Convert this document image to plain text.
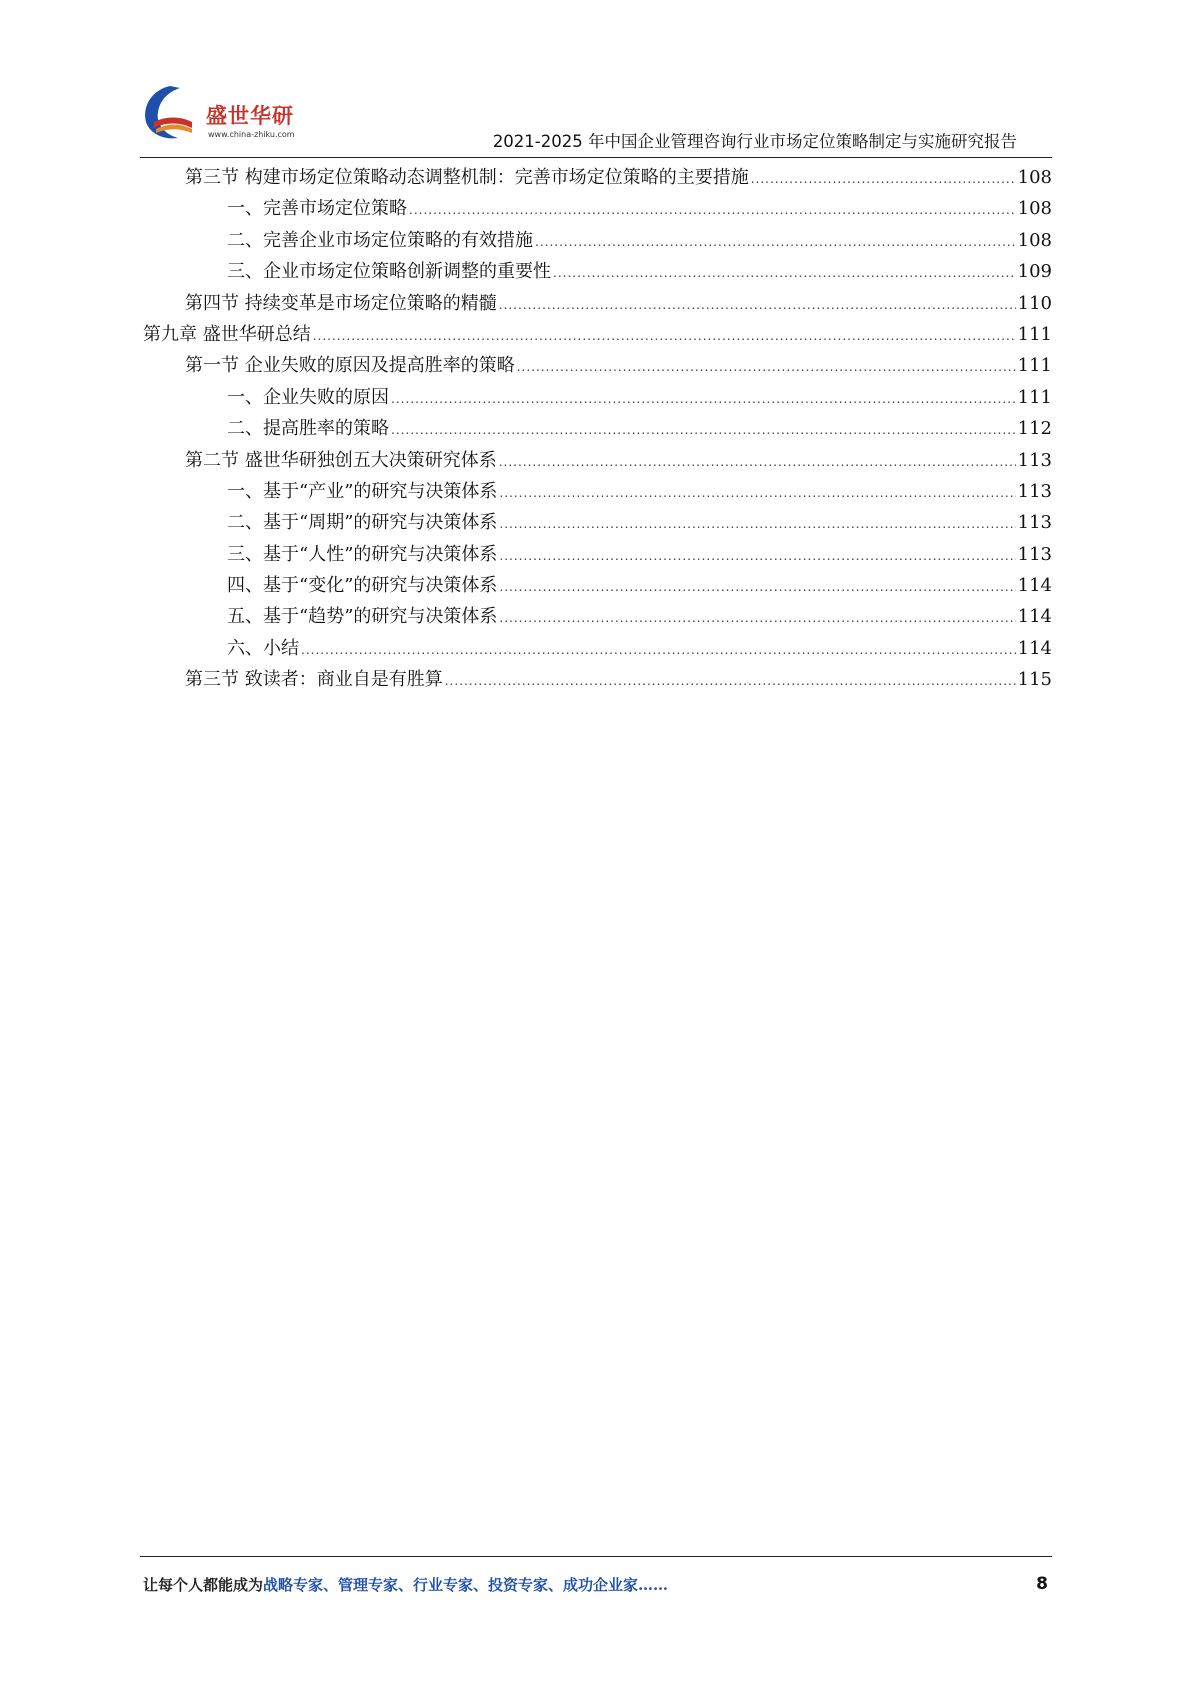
盛世华研
www.china-zhiku.com	2021-2025 年中国企业管理咨询行业市场定位策略制定与实施研究报告
第三节 构建市场定位策略动态调整机制：完善市场定位策略的主要措施 .....	108
一、完善市场定位策略 .....	108
二、完善企业市场定位策略的有效措施 .....	108
三、企业市场定位策略创新调整的重要性 .....	109
第四节 持续变革是市场定位策略的精髓 .....	110
第九章 盛世华研总结 .....	111
第一节 企业失败的原因及提高胜率的策略 .....	111
一、企业失败的原因 .....	111
二、提高胜率的策略 .....	112
第二节 盛世华研独创五大决策研究体系 .....	113
一、基于“产业”的研究与决策体系 .....	113
二、基于“周期”的研究与决策体系 .....	113
三、基于“人性”的研究与决策体系 .....	113
四、基于“变化”的研究与决策体系 .....	114
五、基于“趋势”的研究与决策体系 .....	114
六、小结 .....	114
第三节 致读者：商业自是有胜算 .....	115
让每个人都能成为战略专家、管理专家、行业专家、投资专家、成功企业家……	8
